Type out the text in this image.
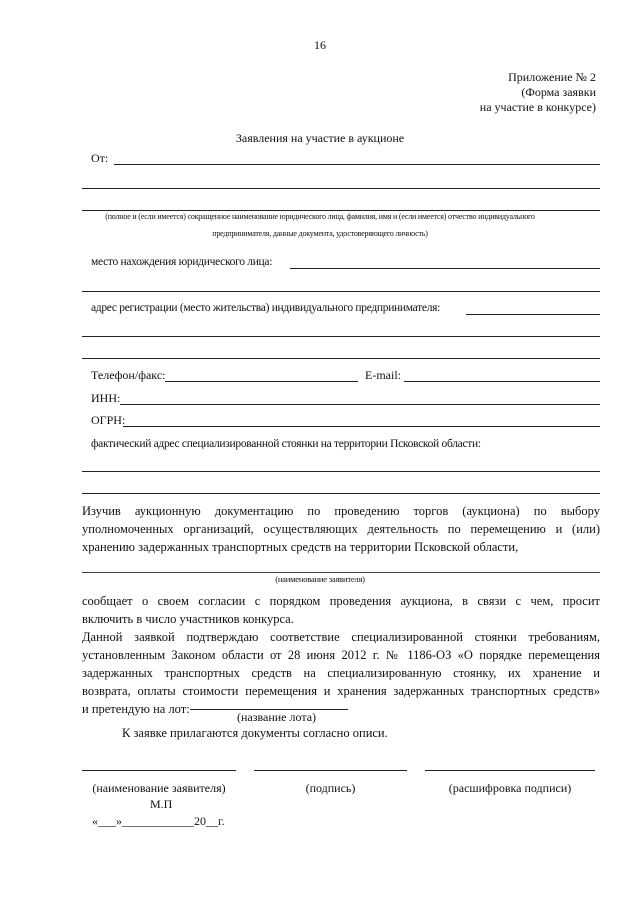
16
Приложение № 2
(Форма заявки
на участие в конкурсе)
Заявления на участие в аукционе
От:
(полное и (если имеется) сокращенное наименование юридического лица, фамилия, имя и (если имеется) отчество индивидуального
предпринимателя, данные документа, удостоверяющего личность)
место нахождения юридического лица:
адрес регистрации (место жительства) индивидуального предпринимателя:
Телефон/факс:	E-mail:
ИНН:
ОГРН:
фактический адрес специализированной стоянки на территории Псковской области:
Изучив аукционную документацию по проведению торгов (аукциона) по выбору
уполномоченных организаций, осуществляющих деятельность по перемещению и (или)
хранению задержанных транспортных средств на территории Псковской области,
(наименование заявителя)
сообщает о своем согласии с порядком проведения аукциона, в связи с чем, просит
включить в число участников конкурса.
Данной заявкой подтверждаю соответствие специализированной стоянки требованиям,
установленным Законом области от 28 июня 2012 г. № 1186-ОЗ «О порядке перемещения
задержанных транспортных средств на специализированную стоянку, их хранение и
возврата, оплаты стоимости перемещения и хранения задержанных транспортных средств»
и претендую на лот:
(название лота)
К заявке прилагаются документы согласно описи.
(наименование заявителя)	(подпись)	(расшифровка подписи)
М.П
«___»____________20__г.
